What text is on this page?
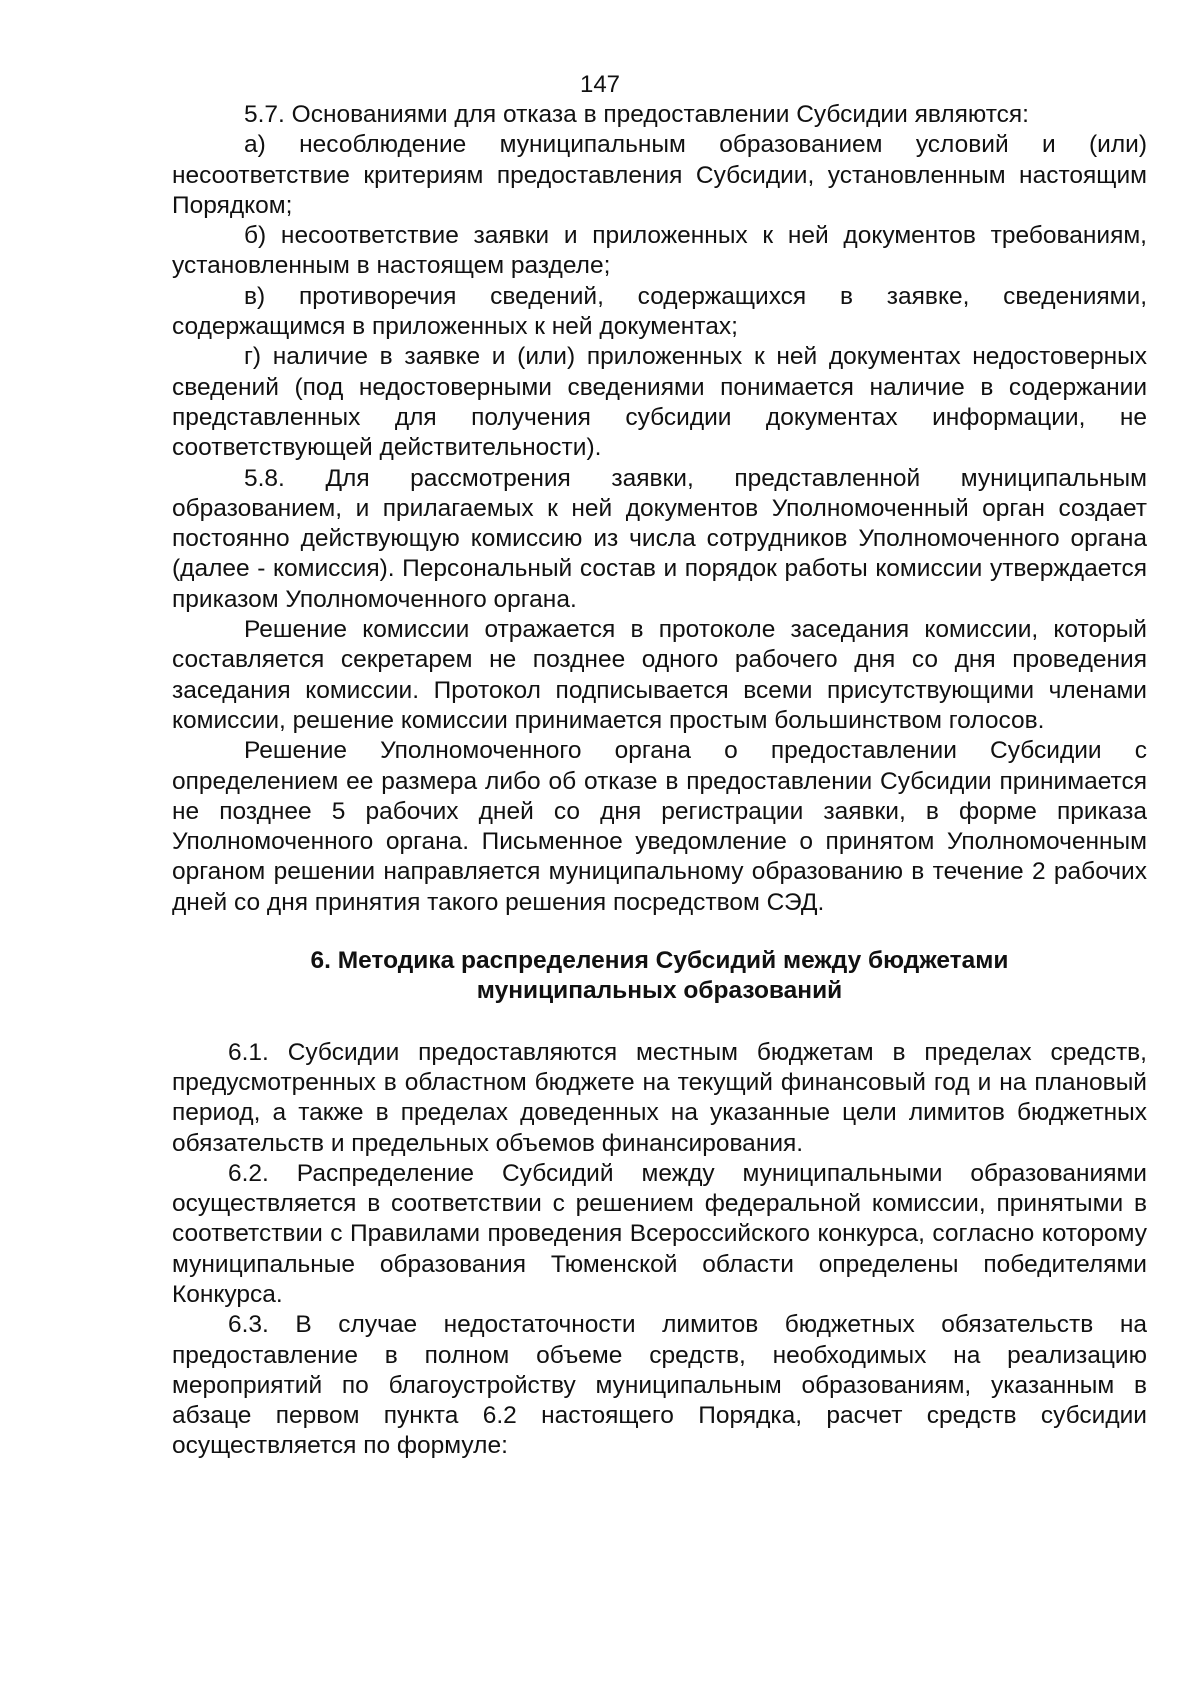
147

5.7. Основаниями для отказа в предоставлении Субсидии являются:

а) несоблюдение муниципальным образованием условий и (или) несоответствие критериям предоставления Субсидии, установленным настоящим Порядком;

б) несоответствие заявки и приложенных к ней документов требованиям, установленным в настоящем разделе;

в) противоречия сведений, содержащихся в заявке, сведениями, содержащимся в приложенных к ней документах;

г) наличие в заявке и (или) приложенных к ней документах недостоверных сведений (под недостоверными сведениями понимается наличие в содержании представленных для получения субсидии документах информации, не соответствующей действительности).

5.8. Для рассмотрения заявки, представленной муниципальным образованием, и прилагаемых к ней документов Уполномоченный орган создает постоянно действующую комиссию из числа сотрудников Уполномоченного органа (далее - комиссия). Персональный состав и порядок работы комиссии утверждается приказом Уполномоченного органа.

Решение комиссии отражается в протоколе заседания комиссии, который составляется секретарем не позднее одного рабочего дня со дня проведения заседания комиссии. Протокол подписывается всеми присутствующими членами комиссии, решение комиссии принимается простым большинством голосов.

Решение Уполномоченного органа о предоставлении Субсидии с определением ее размера либо об отказе в предоставлении Субсидии принимается не позднее 5 рабочих дней со дня регистрации заявки, в форме приказа Уполномоченного органа. Письменное уведомление о принятом Уполномоченным органом решении направляется муниципальному образованию в течение 2 рабочих дней со дня принятия такого решения посредством СЭД.

6. Методика распределения Субсидий между бюджетами муниципальных образований

6.1. Субсидии предоставляются местным бюджетам в пределах средств, предусмотренных в областном бюджете на текущий финансовый год и на плановый период, а также в пределах доведенных на указанные цели лимитов бюджетных обязательств и предельных объемов финансирования.

6.2. Распределение Субсидий между муниципальными образованиями осуществляется в соответствии с решением федеральной комиссии, принятыми в соответствии с Правилами проведения Всероссийского конкурса, согласно которому муниципальные образования Тюменской области определены победителями Конкурса.

6.3. В случае недостаточности лимитов бюджетных обязательств на предоставление в полном объеме средств, необходимых на реализацию мероприятий по благоустройству муниципальным образованиям, указанным в абзаце первом пункта 6.2 настоящего Порядка, расчет средств субсидии осуществляется по формуле:
